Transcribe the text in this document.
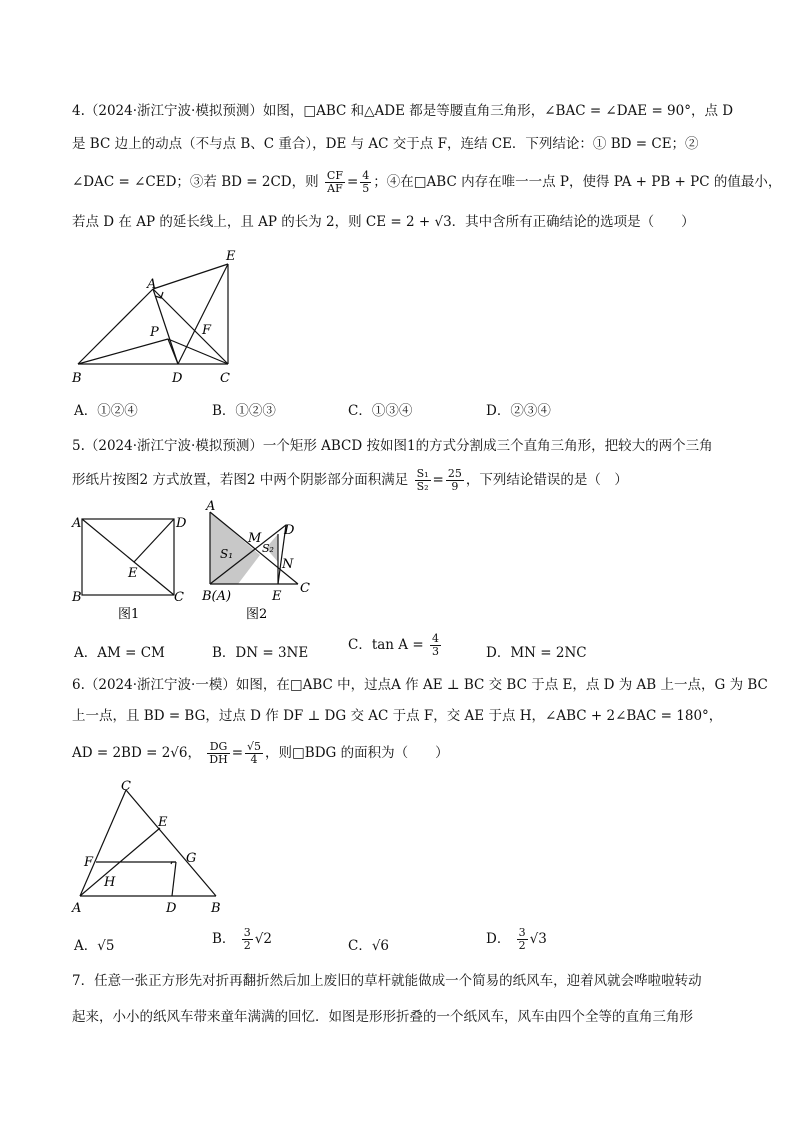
4.（2024·浙江宁波·模拟预测）如图，□ABC 和△ADE 都是等腰直角三角形，∠BAC = ∠DAE = 90°，点 D
是 BC 边上的动点（不与点 B、C 重合），DE 与 AC 交于点 F，连结 CE．下列结论：① BD = CE；②
∠DAC = ∠CED；③若 BD = 2CD，则 $\frac{CF}{AF} = \frac{4}{5}$ ；④在□ABC 内存在唯一一点 P，使得 PA + PB + PC 的值最小，
若点 D 在 AP 的延长线上，且 AP 的长为 2，则 CE = 2 + √3．其中含所有正确结论的选项是（　　）
A
E
P	F
B	D	C
A．①②④	B．①②③	C．①③④	D．②③④
5.（2024·浙江宁波·模拟预测）一个矩形 ABCD 按如图1的方式分割成三个直角三角形，把较大的两个三角
形纸片按图2 方式放置，若图2 中两个阴影部分面积满足 $\frac{\text{S₁}}{\text{S₂}} = \frac{25}{9}$ ，下列结论错误的是（　）
A	D
E
B	C
图1
A
M
D
S₁	S₂
N
C
B(A)	E
图2
A．AM = CM	B．DN = 3NE	C．$\tan A = \frac{4}{3}$	D．MN = 2NC
6.（2024·浙江宁波·一模）如图，在□ABC 中，过点A 作 AE ⊥ BC 交 BC 于点 E，点 D 为 AB 上一点，G 为 BC
上一点，且 BD = BG，过点 D 作 DF ⊥ DG 交 AC 于点 F，交 AE 于点 H，∠ABC + 2∠BAC = 180°，
AD = 2BD = 2√6， $\frac{DG}{DH} = \frac{√5}{4}$ ，则□BDG 的面积为（　　）
C
E
G
F
H
A	D	B
A．√5	B． $\frac{3}{2} √2$	C．√6	D． $\frac{3}{2} √3$
7．任意一张正方形先对折再翻折然后加上废旧的草杆就能做成一个简易的纸风车，迎着风就会哗啦啦转动
起来，小小的纸风车带来童年满满的回忆．如图是形形折叠的一个纸风车，风车由四个全等的直角三角形
